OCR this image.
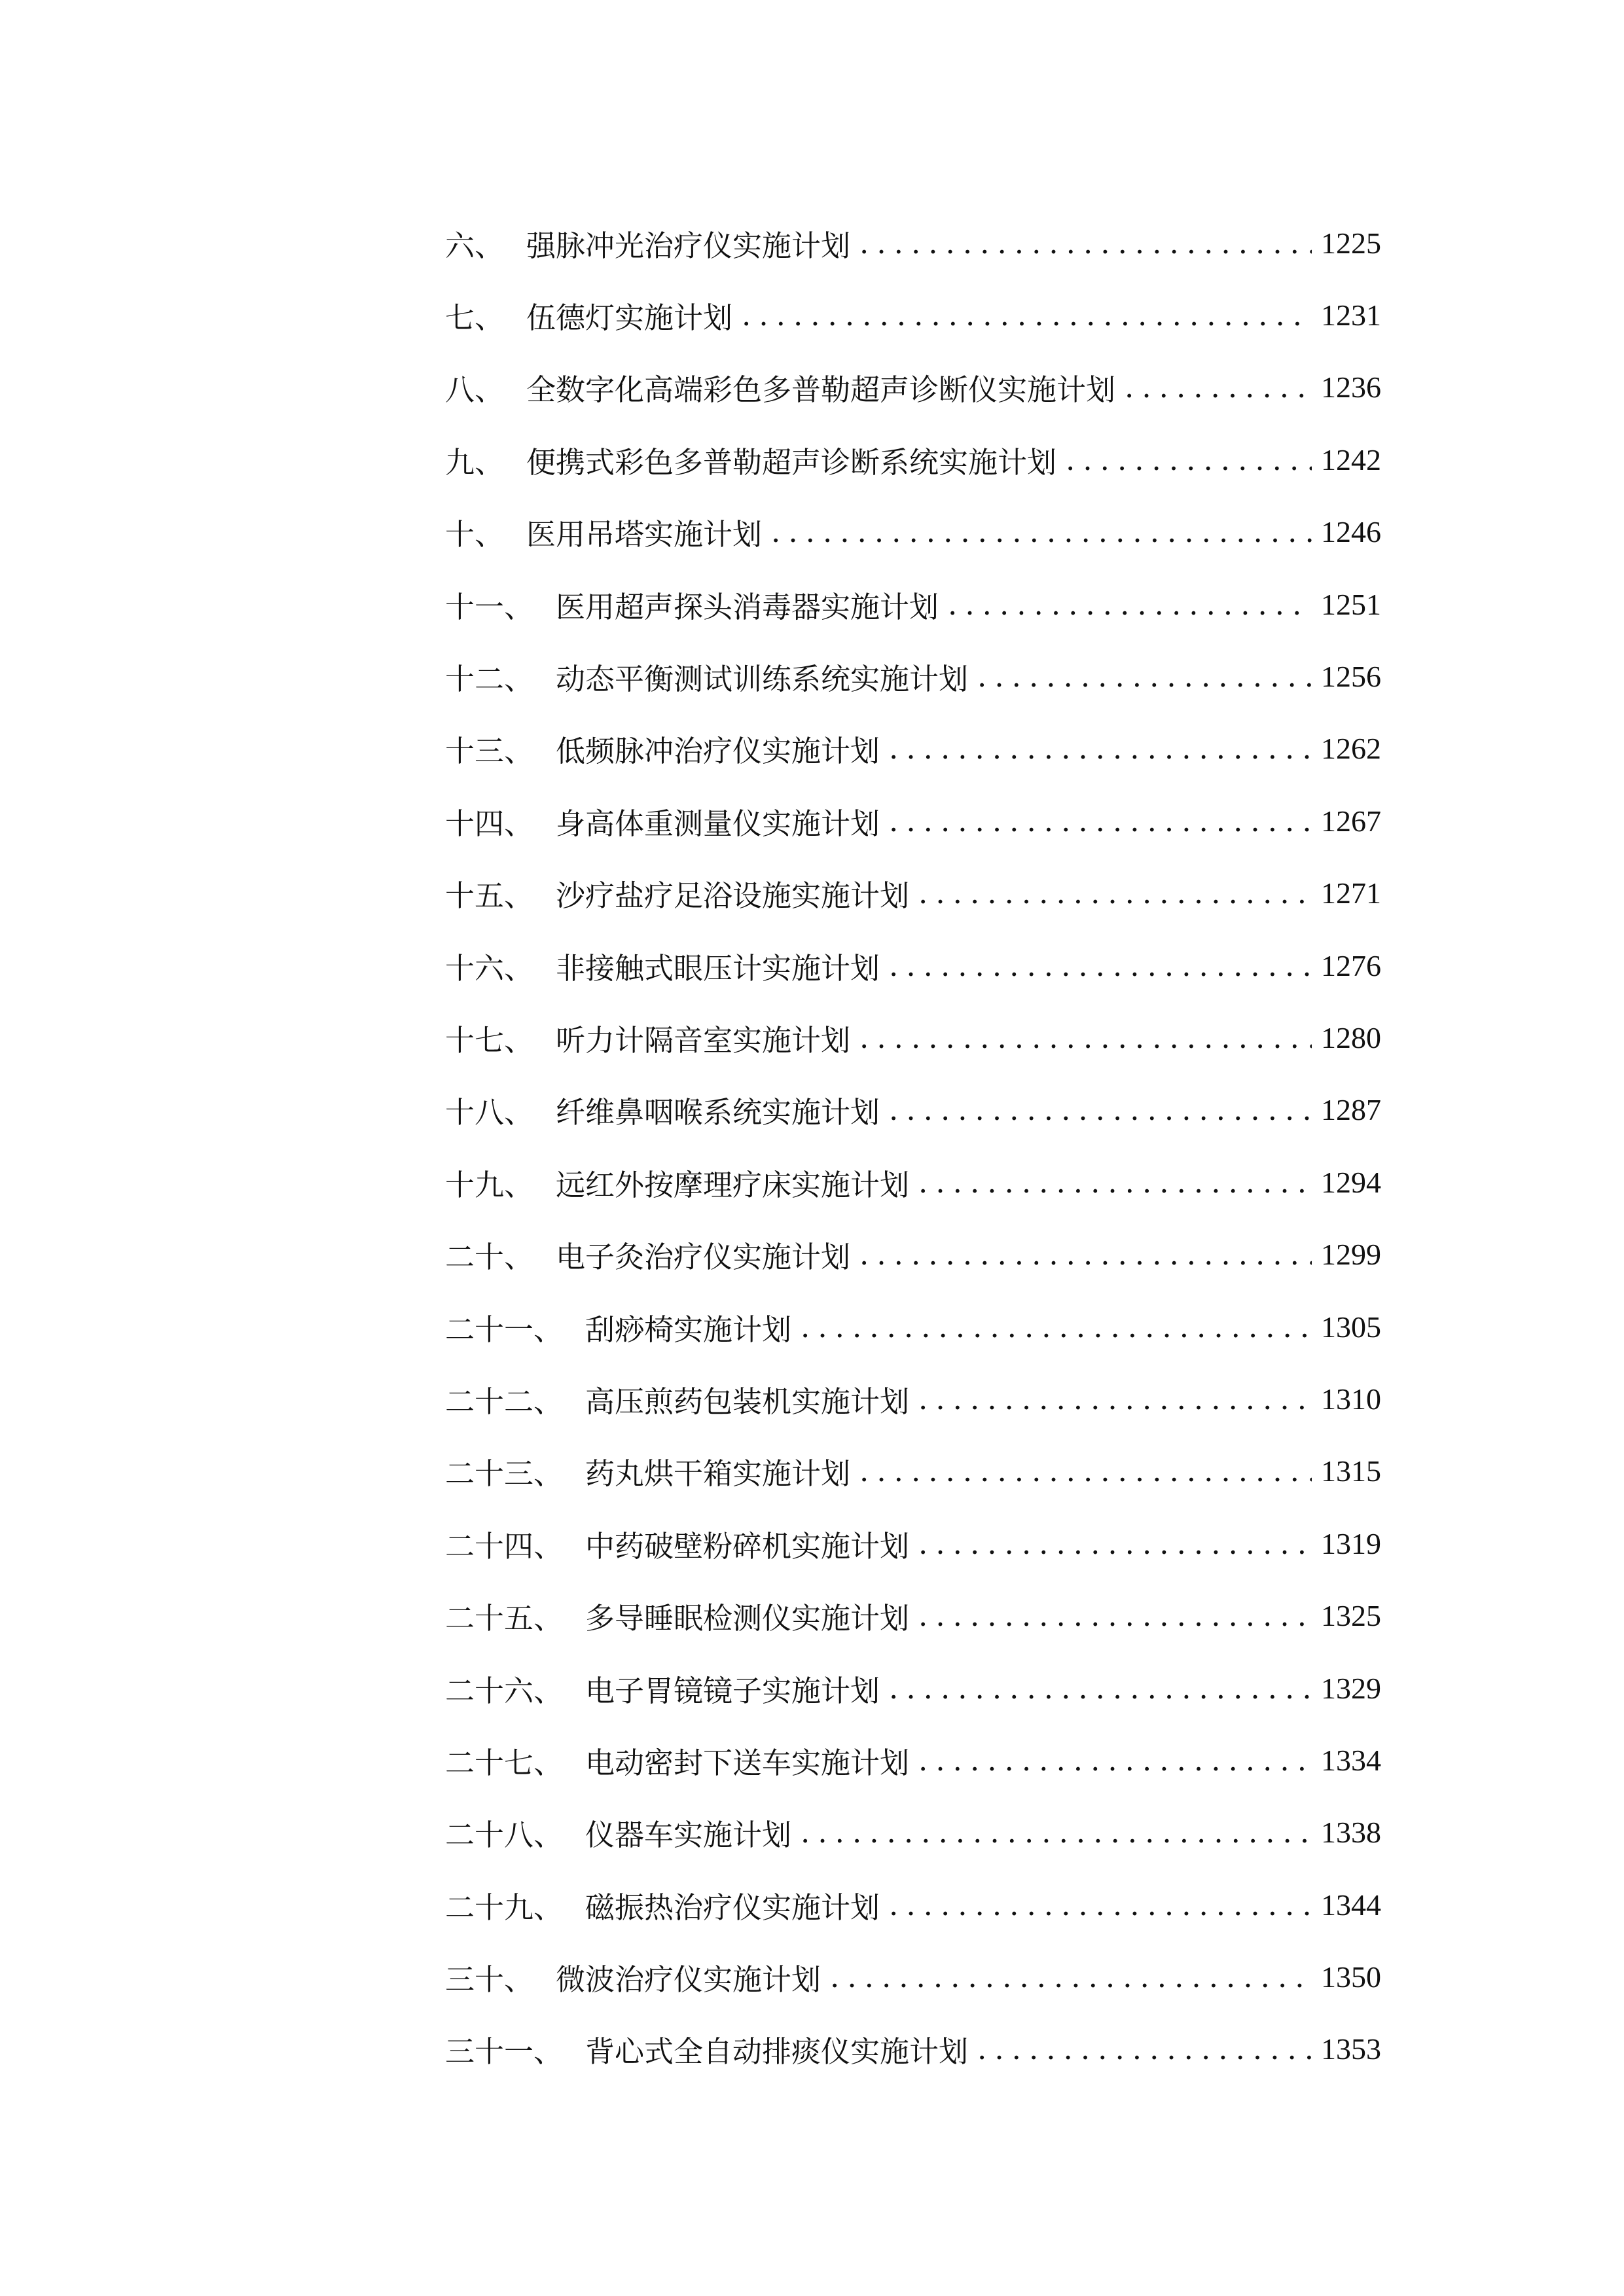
六、 强脉冲光治疗仪实施计划 .....	1225
七、 伍德灯实施计划 .....	1231
八、 全数字化高端彩色多普勒超声诊断仪实施计划 .....	1236
九、 便携式彩色多普勒超声诊断系统实施计划 .....	1242
十、 医用吊塔实施计划 .....	1246
十一、 医用超声探头消毒器实施计划 .....	1251
十二、 动态平衡测试训练系统实施计划 .....	1256
十三、 低频脉冲治疗仪实施计划 .....	1262
十四、 身高体重测量仪实施计划 .....	1267
十五、 沙疗盐疗足浴设施实施计划 .....	1271
十六、 非接触式眼压计实施计划 .....	1276
十七、 听力计隔音室实施计划 .....	1280
十八、 纤维鼻咽喉系统实施计划 .....	1287
十九、 远红外按摩理疗床实施计划 .....	1294
二十、 电子灸治疗仪实施计划 .....	1299
二十一、 刮痧椅实施计划 .....	1305
二十二、 高压煎药包装机实施计划 .....	1310
二十三、 药丸烘干箱实施计划 .....	1315
二十四、 中药破壁粉碎机实施计划 .....	1319
二十五、 多导睡眠检测仪实施计划 .....	1325
二十六、 电子胃镜镜子实施计划 .....	1329
二十七、 电动密封下送车实施计划 .....	1334
二十八、 仪器车实施计划 .....	1338
二十九、 磁振热治疗仪实施计划 .....	1344
三十、 微波治疗仪实施计划 .....	1350
三十一、 背心式全自动排痰仪实施计划 .....	1353
